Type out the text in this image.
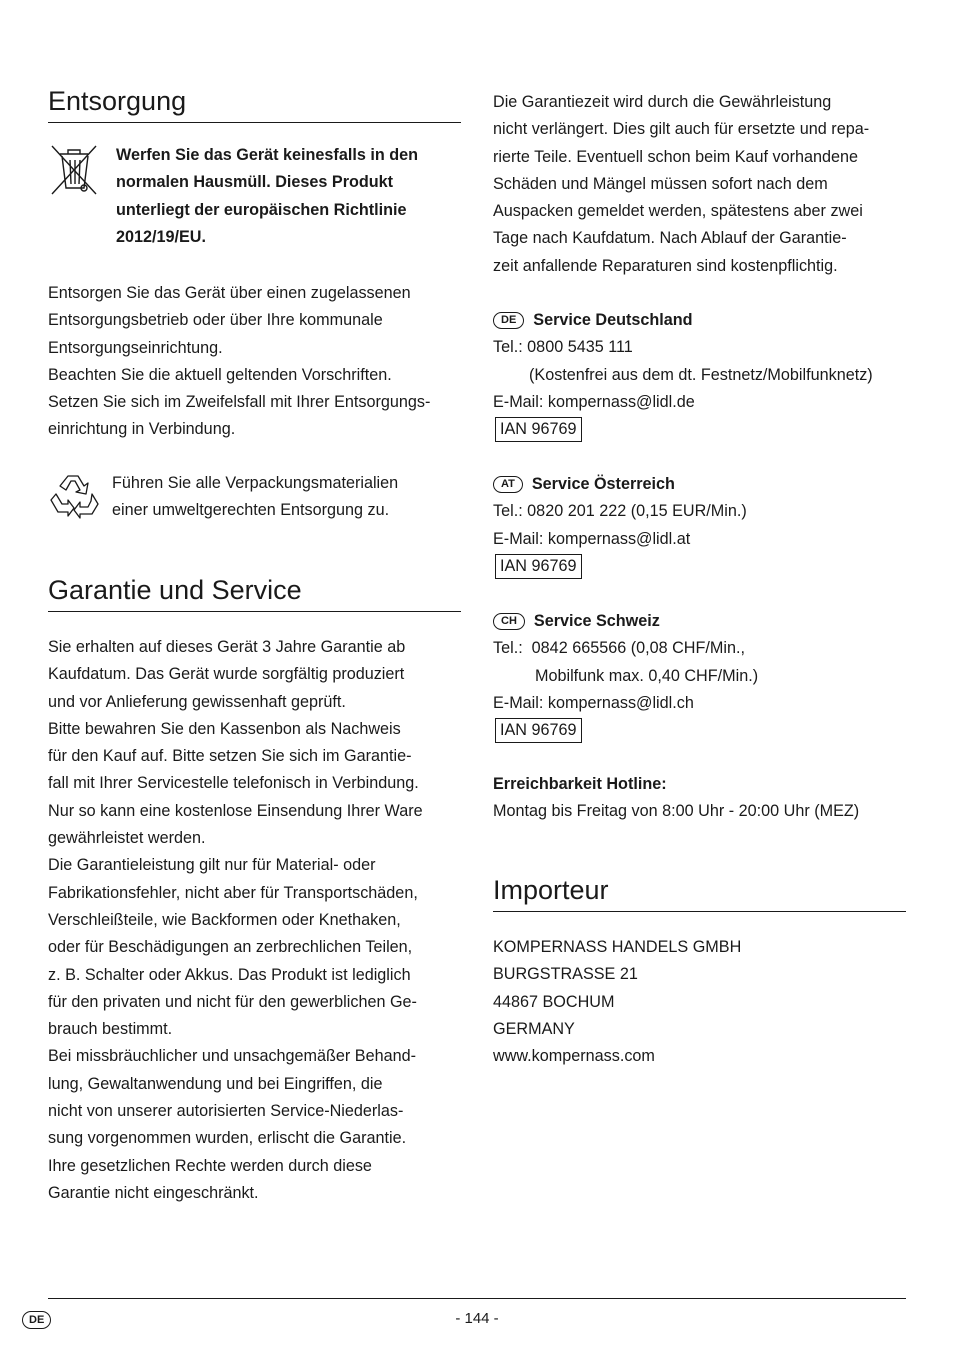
Entsorgung

Werfen Sie das Gerät keinesfalls in den

normalen Hausmüll. Dieses Produkt

unterliegt der europäischen Richtlinie

2012/19/EU.

Entsorgen Sie das Gerät über einen zugelassenen

Entsorgungsbetrieb oder über Ihre kommunale

Entsorgungseinrichtung.

Beachten Sie die aktuell geltenden Vorschriften.

Setzen Sie sich im Zweifelsfall mit Ihrer Entsorgungs-

einrichtung in Verbindung.

Führen Sie alle Verpackungsmaterialien

einer umweltgerechten Entsorgung zu.

Garantie und Service

Sie erhalten auf dieses Gerät 3 Jahre Garantie ab

Kaufdatum. Das Gerät wurde sorgfältig produziert

und vor Anlieferung gewissenhaft geprüft.

Bitte bewahren Sie den Kassenbon als Nachweis

für den Kauf auf. Bitte setzen Sie sich im Garantie-

fall mit Ihrer Servicestelle telefonisch in Verbindung.

Nur so kann eine kostenlose Einsendung Ihrer Ware

gewährleistet werden.

Die Garantieleistung gilt nur für Material- oder

Fabrikationsfehler, nicht aber für Transportschäden,

Verschleißteile, wie Backformen oder Knethaken,

oder für Beschädigungen an zerbrechlichen Teilen,

z. B. Schalter oder Akkus. Das Produkt ist lediglich

für den privaten und nicht für den gewerblichen Ge-

brauch bestimmt.

Bei missbräuchlicher und unsachgemäßer Behand-

lung, Gewaltanwendung und bei Eingriffen, die

nicht von unserer autorisierten Service-Niederlas-

sung vorgenommen wurden, erlischt die Garantie.

Ihre gesetzlichen Rechte werden durch diese

Garantie nicht eingeschränkt.

Die Garantiezeit wird durch die Gewährleistung

nicht verlängert. Dies gilt auch für ersetzte und repa-

rierte Teile. Eventuell schon beim Kauf vorhandene

Schäden und Mängel müssen sofort nach dem

Auspacken gemeldet werden, spätestens aber zwei

Tage nach Kaufdatum. Nach Ablauf der Garantie-

zeit anfallende Reparaturen sind kostenpflichtig.

DE Service Deutschland

Tel.: 0800 5435 111

(Kostenfrei aus dem dt. Festnetz/Mobilfunknetz)

E-Mail: kompernass@lidl.de

IAN 96769

AT Service Österreich

Tel.: 0820 201 222 (0,15 EUR/Min.)

E-Mail: kompernass@lidl.at

IAN 96769

CH Service Schweiz

Tel.:  0842 665566 (0,08 CHF/Min.,

Mobilfunk max. 0,40 CHF/Min.)

E-Mail: kompernass@lidl.ch

IAN 96769

Erreichbarkeit Hotline:

Montag bis Freitag von 8:00 Uhr - 20:00 Uhr (MEZ)

Importeur

KOMPERNASS HANDELS GMBH

BURGSTRASSE 21

44867 BOCHUM

GERMANY

www.kompernass.com

DE	- 144 -
